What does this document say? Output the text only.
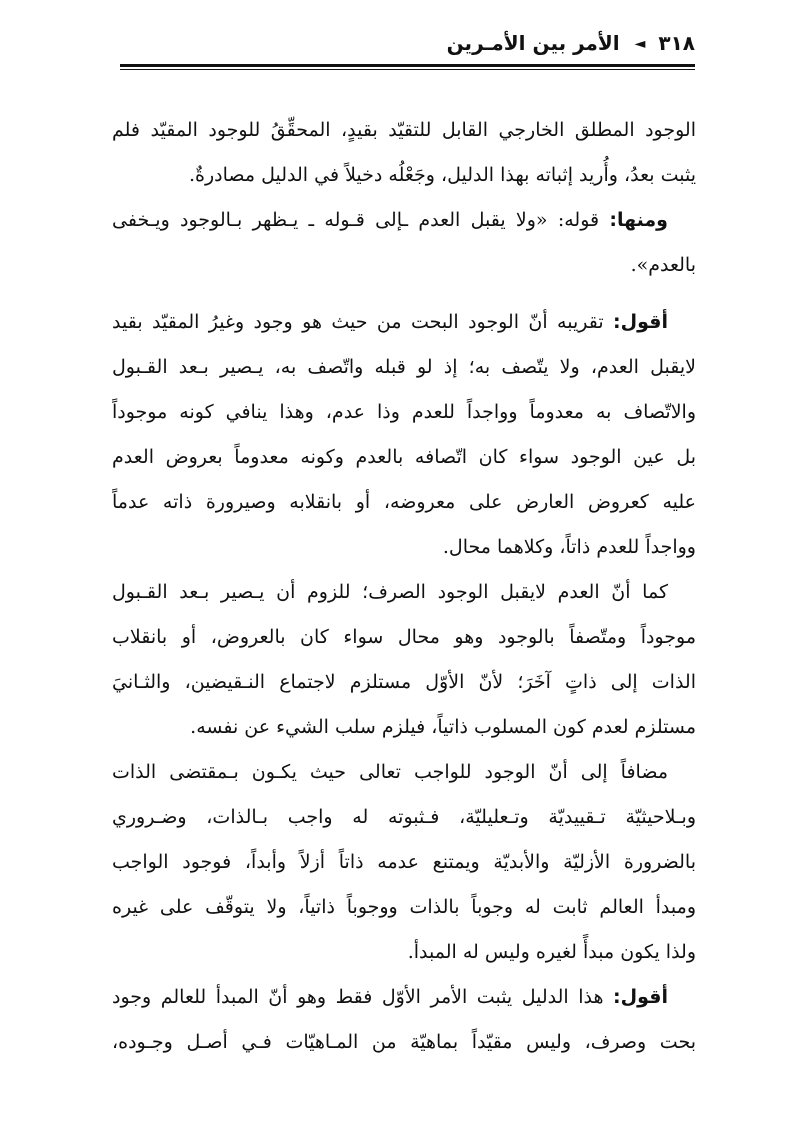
٣١٨ ◄ الأمر بين الأمـرين
الوجود المطلق الخارجي القابل للتقيّد بقيدٍ، المحقِّقُ للوجود المقيّد فلم
يثبت بعدُ، وأُريد إثباته بهذا الدليل، وجَعْلُه دخيلاً في الدليل مصادرةٌ.
ومنها: قوله: «ولا يقبل العدم ـإلى قـوله ـ يـظهر بـالوجود ويـخفى
بالعدم».
أقول: تقريبه أنّ الوجود البحت من حيث هو وجود وغيرُ المقيّد بقيد
لايقبل العدم، ولا يتّصف به؛ إذ لو قبله واتّصف به، يـصير بـعد القـبول
والاتّصاف به معدوماً وواجداً للعدم وذا عدم، وهذا ينافي كونه موجوداً
بل عين الوجود سواء كان اتّصافه بالعدم وكونه معدوماً بعروض العدم
عليه كعروض العارض على معروضه، أو بانقلابه وصيرورة ذاته عدماً
وواجداً للعدم ذاتاً، وكلاهما محال.
كما أنّ العدم لايقبل الوجود الصرف؛ للزوم أن يـصير بـعد القـبول
موجوداً ومتّصفاً بالوجود وهو محال سواء كان بالعروض، أو بانقلاب
الذات إلى ذاتٍ آخَرَ؛ لأنّ الأوّل مستلزم لاجتماع النـقيضين، والثـانيَ
مستلزم لعدم كون المسلوب ذاتياً، فيلزم سلب الشيء عن نفسه.
مضافاً إلى أنّ الوجود للواجب تعالى حيث يكـون بـمقتضى الذات
وبـلاحيثيّة تـقييديّة وتـعليليّة، فـثبوته له واجب بـالذات، وضـروري
بالضرورة الأزليّة والأبديّة ويمتنع عدمه ذاتاً أزلاً وأبداً، فوجود الواجب
ومبدأ العالم ثابت له وجوباً بالذات ووجوباً ذاتياً، ولا يتوقّف على غيره
ولذا يكون مبدأً لغيره وليس له المبدأ.
أقول: هذا الدليل يثبت الأمر الأوّل فقط وهو أنّ المبدأ للعالم وجود
بحت وصرف، وليس مقيّداً بماهيّة من المـاهيّات فـي أصـل وجـوده،
